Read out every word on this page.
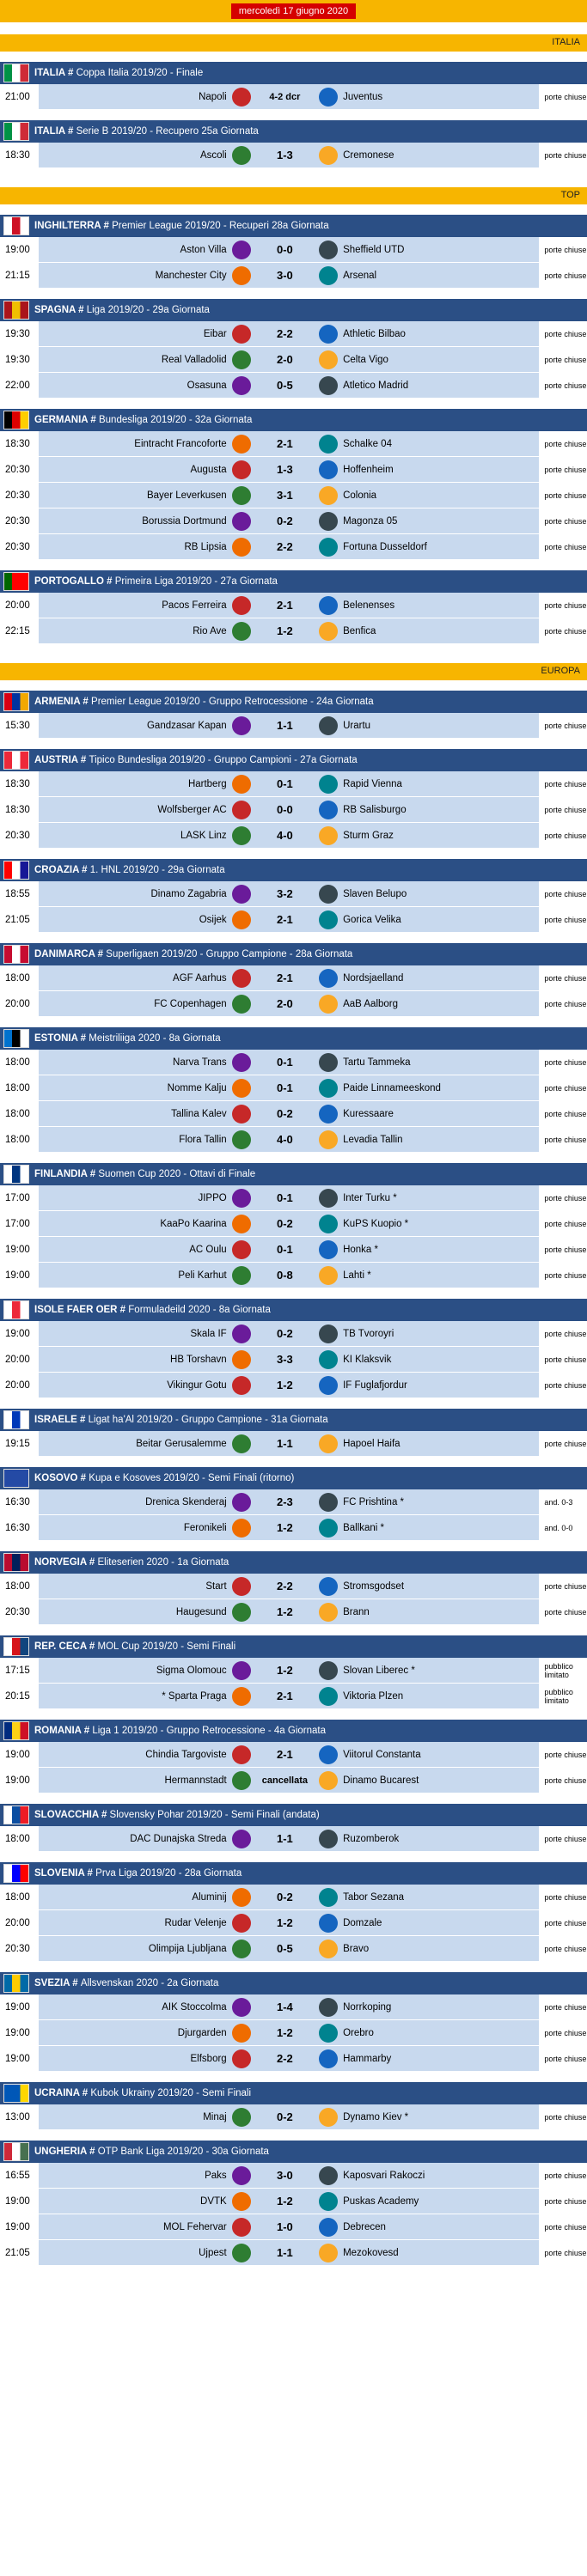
mercoledì 17 giugno 2020
ITALIA
ITALIA # Coppa Italia 2019/20 - Finale
21:00	Napoli	4-2 dcr	Juventus	porte chiuse
ITALIA # Serie B 2019/20 - Recupero 25a Giornata
18:30	Ascoli	1-3	Cremonese	porte chiuse
TOP
INGHILTERRA # Premier League 2019/20 - Recuperi 28a Giornata
19:00	Aston Villa	0-0	Sheffield UTD	porte chiuse
21:15	Manchester City	3-0	Arsenal	porte chiuse
SPAGNA # Liga 2019/20 - 29a Giornata
19:30	Eibar	2-2	Athletic Bilbao	porte chiuse
19:30	Real Valladolid	2-0	Celta Vigo	porte chiuse
22:00	Osasuna	0-5	Atletico Madrid	porte chiuse
GERMANIA # Bundesliga 2019/20 - 32a Giornata
18:30	Eintracht Francoforte	2-1	Schalke 04	porte chiuse
20:30	Augusta	1-3	Hoffenheim	porte chiuse
20:30	Bayer Leverkusen	3-1	Colonia	porte chiuse
20:30	Borussia Dortmund	0-2	Magonza 05	porte chiuse
20:30	RB Lipsia	2-2	Fortuna Dusseldorf	porte chiuse
PORTOGALLO # Primeira Liga 2019/20 - 27a Giornata
20:00	Pacos Ferreira	2-1	Belenenses	porte chiuse
22:15	Rio Ave	1-2	Benfica	porte chiuse
EUROPA
ARMENIA # Premier League 2019/20 - Gruppo Retrocessione - 24a Giornata
15:30	Gandzasar Kapan	1-1	Urartu	porte chiuse
AUSTRIA # Tipico Bundesliga 2019/20 - Gruppo Campioni - 27a Giornata
18:30	Hartberg	0-1	Rapid Vienna	porte chiuse
18:30	Wolfsberger AC	0-0	RB Salisburgo	porte chiuse
20:30	LASK Linz	4-0	Sturm Graz	porte chiuse
CROAZIA # 1. HNL 2019/20 - 29a Giornata
18:55	Dinamo Zagabria	3-2	Slaven Belupo	porte chiuse
21:05	Osijek	2-1	Gorica Velika	porte chiuse
DANIMARCA # Superligaen 2019/20 - Gruppo Campione - 28a Giornata
18:00	AGF Aarhus	2-1	Nordsjaelland	porte chiuse
20:00	FC Copenhagen	2-0	AaB Aalborg	porte chiuse
ESTONIA # Meistriliiga 2020 - 8a Giornata
18:00	Narva Trans	0-1	Tartu Tammeka	porte chiuse
18:00	Nomme Kalju	0-1	Paide Linnameeskond	porte chiuse
18:00	Tallina Kalev	0-2	Kuressaare	porte chiuse
18:00	Flora Tallin	4-0	Levadia Tallin	porte chiuse
FINLANDIA # Suomen Cup 2020 - Ottavi di Finale
17:00	JIPPO	0-1	Inter Turku *	porte chiuse
17:00	KaaPo Kaarina	0-2	KuPS Kuopio *	porte chiuse
19:00	AC Oulu	0-1	Honka *	porte chiuse
19:00	Peli Karhut	0-8	Lahti *	porte chiuse
ISOLE FAER OER # Formuladeild 2020 - 8a Giornata
19:00	Skala IF	0-2	TB Tvoroyri	porte chiuse
20:00	HB Torshavn	3-3	KI Klaksvik	porte chiuse
20:00	Vikingur Gotu	1-2	IF Fuglafjordur	porte chiuse
ISRAELE # Ligat ha'Al 2019/20 - Gruppo Campione - 31a Giornata
19:15	Beitar Gerusalemme	1-1	Hapoel Haifa	porte chiuse
KOSOVO # Kupa e Kosoves 2019/20 - Semi Finali (ritorno)
16:30	Drenica Skenderaj	2-3	FC Prishtina *	and. 0-3
16:30	Feronikeli	1-2	Ballkani *	and. 0-0
NORVEGIA # Eliteserien 2020 - 1a Giornata
18:00	Start	2-2	Stromsgodset	porte chiuse
20:30	Haugesund	1-2	Brann	porte chiuse
REP. CECA # MOL Cup 2019/20 - Semi Finali
17:15	Sigma Olomouc	1-2	Slovan Liberec *	pubblico limitato
20:15	* Sparta Praga	2-1	Viktoria Plzen	pubblico limitato
ROMANIA # Liga 1 2019/20 - Gruppo Retrocessione - 4a Giornata
19:00	Chindia Targoviste	2-1	Viitorul Constanta	porte chiuse
19:00	Hermannstadt	cancellata	Dinamo Bucarest	porte chiuse
SLOVACCHIA # Slovensky Pohar 2019/20 - Semi Finali (andata)
18:00	DAC Dunajska Streda	1-1	Ruzomberok	porte chiuse
SLOVENIA # Prva Liga 2019/20 - 28a Giornata
18:00	Aluminij	0-2	Tabor Sezana	porte chiuse
20:00	Rudar Velenje	1-2	Domzale	porte chiuse
20:30	Olimpija Ljubljana	0-5	Bravo	porte chiuse
SVEZIA # Allsvenskan 2020 - 2a Giornata
19:00	AIK Stoccolma	1-4	Norrkoping	porte chiuse
19:00	Djurgarden	1-2	Orebro	porte chiuse
19:00	Elfsborg	2-2	Hammarby	porte chiuse
UCRAINA # Kubok Ukrainy 2019/20 - Semi Finali
13:00	Minaj	0-2	Dynamo Kiev *	porte chiuse
UNGHERIA # OTP Bank Liga 2019/20 - 30a Giornata
16:55	Paks	3-0	Kaposvari Rakoczi	porte chiuse
19:00	DVTK	1-2	Puskas Academy	porte chiuse
19:00	MOL Fehervar	1-0	Debrecen	porte chiuse
21:05	Ujpest	1-1	Mezokovesd	porte chiuse
